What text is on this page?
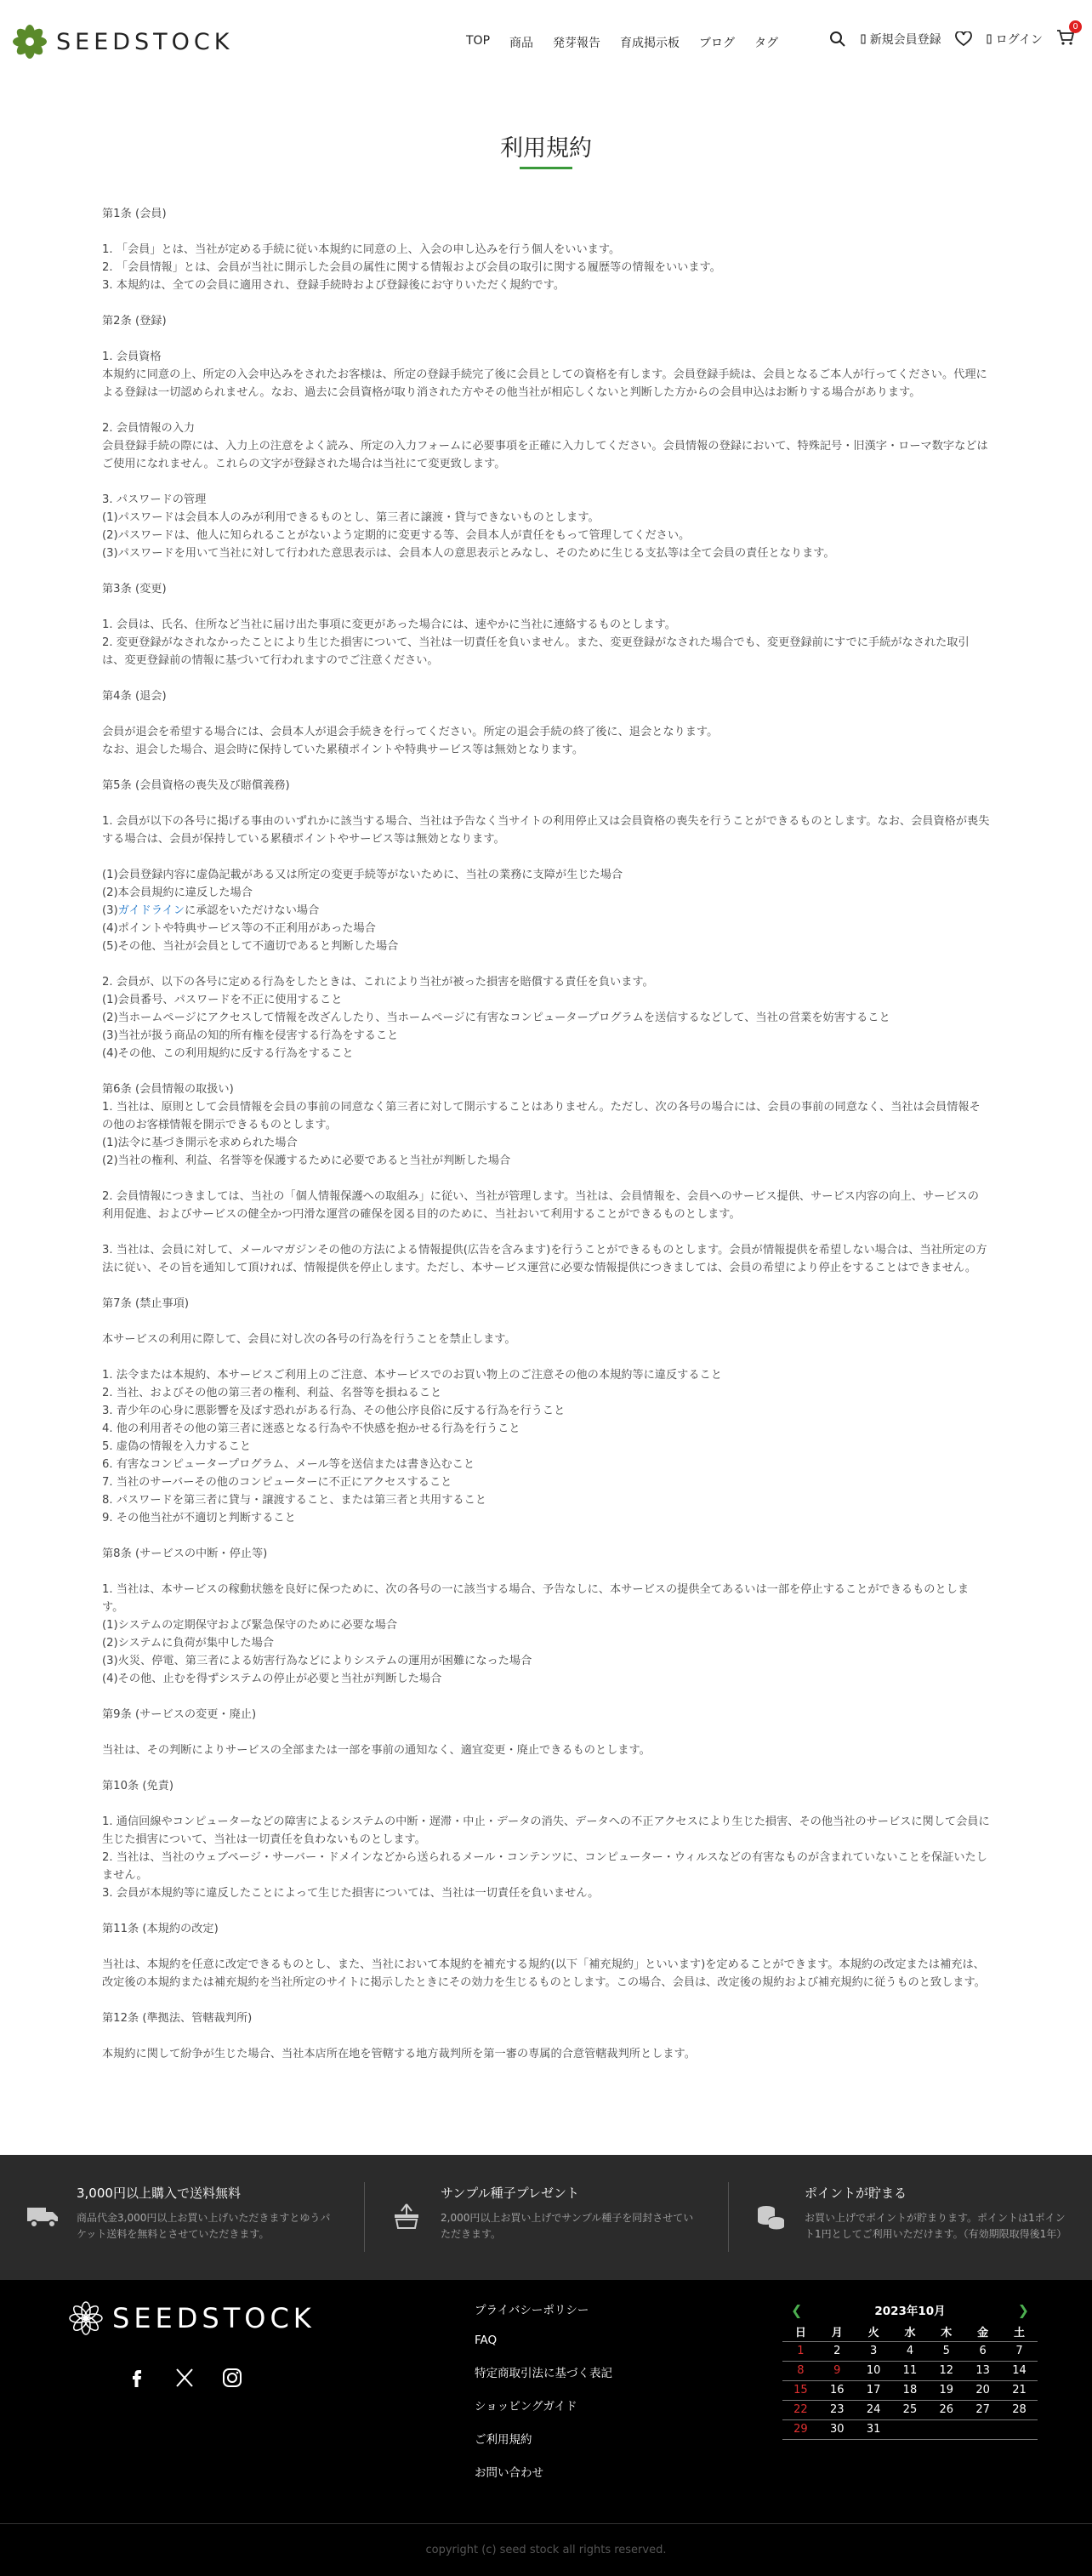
SEEDSTOCK	TOP 商品 発芽報告 育成掲示板 ブログ タグ	新規会員登録	ログイン
0
利用規約

第1条 (会員)

1. 「会員」とは、当社が定める手続に従い本規約に同意の上、入会の申し込みを行う個人をいいます。
2. 「会員情報」とは、会員が当社に開示した会員の属性に関する情報および会員の取引に関する履歴等の情報をいいます。
3. 本規約は、全ての会員に適用され、登録手続時および登録後にお守りいただく規約です。

第2条 (登録)

1. 会員資格
本規約に同意の上、所定の入会申込みをされたお客様は、所定の登録手続完了後に会員としての資格を有します。会員登録手続は、会員となるご本人が行ってください。代理による登録は一切認められません。なお、過去に会員資格が取り消された方やその他当社が相応しくないと判断した方からの会員申込はお断りする場合があります。

2. 会員情報の入力
会員登録手続の際には、入力上の注意をよく読み、所定の入力フォームに必要事項を正確に入力してください。会員情報の登録において、特殊記号・旧漢字・ローマ数字などはご使用になれません。これらの文字が登録された場合は当社にて変更致します。

3. パスワードの管理
(1)パスワードは会員本人のみが利用できるものとし、第三者に譲渡・貸与できないものとします。
(2)パスワードは、他人に知られることがないよう定期的に変更する等、会員本人が責任をもって管理してください。
(3)パスワードを用いて当社に対して行われた意思表示は、会員本人の意思表示とみなし、そのために生じる支払等は全て会員の責任となります。

第3条 (変更)

1. 会員は、氏名、住所など当社に届け出た事項に変更があった場合には、速やかに当社に連絡するものとします。
2. 変更登録がなされなかったことにより生じた損害について、当社は一切責任を負いません。また、変更登録がなされた場合でも、変更登録前にすでに手続がなされた取引は、変更登録前の情報に基づいて行われますのでご注意ください。

第4条 (退会)

会員が退会を希望する場合には、会員本人が退会手続きを行ってください。所定の退会手続の終了後に、退会となります。
なお、退会した場合、退会時に保持していた累積ポイントや特典サービス等は無効となります。

第5条 (会員資格の喪失及び賠償義務)

1. 会員が以下の各号に掲げる事由のいずれかに該当する場合、当社は予告なく当サイトの利用停止又は会員資格の喪失を行うことができるものとします。なお、会員資格が喪失する場合は、会員が保持している累積ポイントやサービス等は無効となります。

(1)会員登録内容に虚偽記載がある又は所定の変更手続等がないために、当社の業務に支障が生じた場合
(2)本会員規約に違反した場合

(3)ガイドラインに承認をいただけない場合

(4)ポイントや特典サービス等の不正利用があった場合

(5)その他、当社が会員として不適切であると判断した場合

2. 会員が、以下の各号に定める行為をしたときは、これにより当社が被った損害を賠償する責任を負います。
(1)会員番号、パスワードを不正に使用すること
(2)当ホームページにアクセスして情報を改ざんしたり、当ホームページに有害なコンピュータープログラムを送信するなどして、当社の営業を妨害すること
(3)当社が扱う商品の知的所有権を侵害する行為をすること
(4)その他、この利用規約に反する行為をすること

第6条 (会員情報の取扱い)
1. 当社は、原則として会員情報を会員の事前の同意なく第三者に対して開示することはありません。ただし、次の各号の場合には、会員の事前の同意なく、当社は会員情報その他のお客様情報を開示できるものとします。
(1)法令に基づき開示を求められた場合
(2)当社の権利、利益、名誉等を保護するために必要であると当社が判断した場合

2. 会員情報につきましては、当社の「個人情報保護への取組み」に従い、当社が管理します。当社は、会員情報を、会員へのサービス提供、サービス内容の向上、サービスの利用促進、およびサービスの健全かつ円滑な運営の確保を図る目的のために、当社おいて利用することができるものとします。

3. 当社は、会員に対して、メールマガジンその他の方法による情報提供(広告を含みます)を行うことができるものとします。会員が情報提供を希望しない場合は、当社所定の方法に従い、その旨を通知して頂ければ、情報提供を停止します。ただし、本サービス運営に必要な情報提供につきましては、会員の希望により停止をすることはできません。

第7条 (禁止事項)

本サービスの利用に際して、会員に対し次の各号の行為を行うことを禁止します。

1. 法令または本規約、本サービスご利用上のご注意、本サービスでのお買い物上のご注意その他の本規約等に違反すること
2. 当社、およびその他の第三者の権利、利益、名誉等を損ねること
3. 青少年の心身に悪影響を及ぼす恐れがある行為、その他公序良俗に反する行為を行うこと
4. 他の利用者その他の第三者に迷惑となる行為や不快感を抱かせる行為を行うこと
5. 虚偽の情報を入力すること
6. 有害なコンピュータープログラム、メール等を送信または書き込むこと
7. 当社のサーバーその他のコンピューターに不正にアクセスすること
8. パスワードを第三者に貸与・譲渡すること、または第三者と共用すること
9. その他当社が不適切と判断すること

第8条 (サービスの中断・停止等)

1. 当社は、本サービスの稼動状態を良好に保つために、次の各号の一に該当する場合、予告なしに、本サービスの提供全てあるいは一部を停止することができるものとします。
(1)システムの定期保守および緊急保守のために必要な場合
(2)システムに負荷が集中した場合
(3)火災、停電、第三者による妨害行為などによりシステムの運用が困難になった場合
(4)その他、止むを得ずシステムの停止が必要と当社が判断した場合

第9条 (サービスの変更・廃止)

当社は、その判断によりサービスの全部または一部を事前の通知なく、適宜変更・廃止できるものとします。

第10条 (免責)

1. 通信回線やコンピューターなどの障害によるシステムの中断・遅滞・中止・データの消失、データへの不正アクセスにより生じた損害、その他当社のサービスに関して会員に生じた損害について、当社は一切責任を負わないものとします。
2. 当社は、当社のウェブページ・サーバー・ドメインなどから送られるメール・コンテンツに、コンピューター・ウィルスなどの有害なものが含まれていないことを保証いたしません。
3. 会員が本規約等に違反したことによって生じた損害については、当社は一切責任を負いません。

第11条 (本規約の改定)

当社は、本規約を任意に改定できるものとし、また、当社において本規約を補充する規約(以下「補充規約」といいます)を定めることができます。本規約の改定または補充は、改定後の本規約または補充規約を当社所定のサイトに掲示したときにその効力を生じるものとします。この場合、会員は、改定後の規約および補充規約に従うものと致します。

第12条 (準拠法、管轄裁判所)

本規約に関して紛争が生じた場合、当社本店所在地を管轄する地方裁判所を第一審の専属的合意管轄裁判所とします。

3,000円以上購入で送料無料
商品代金3,000円以上お買い上げいただきますとゆうパケット送料を無料とさせていただきます。
サンプル種子プレゼント
2,000円以上お買い上げでサンプル種子を同封させていただきます。
ポイントが貯まる
お買い上げでポイントが貯まります。ポイントは1ポイント1円としてご利用いただけます。（有効期限取得後1年）
SEEDSTOCK	プライバシーポリシー
FAQ
特定商取引法に基づく表記
ショッピングガイド
ご利用規約
お問い合わせ
❮	2023年10月	❯
日	月	火	水	木	金	土
1	2	3	4	5	6	7
8	9	10	11	12	13	14
15	16	17	18	19	20	21
22	23	24	25	26	27	28
29	30	31				
copyright (c) seed stock all rights reserved.
